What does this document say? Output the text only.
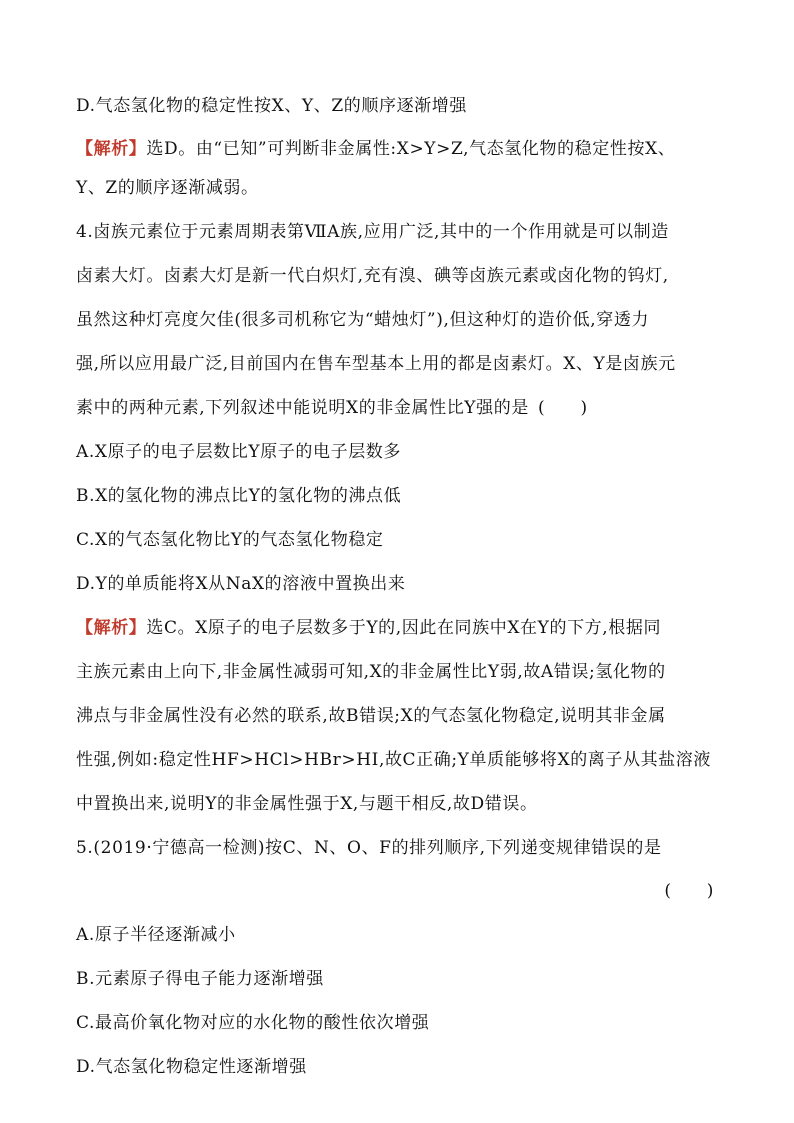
D.气态氢化物的稳定性按X、Y、Z的顺序逐渐增强
【解析】选D。由“已知”可判断非金属性:X>Y>Z,气态氢化物的稳定性按X、
Y、Z的顺序逐渐减弱。
4.卤族元素位于元素周期表第ⅦA族,应用广泛,其中的一个作用就是可以制造
卤素大灯。卤素大灯是新一代白炽灯,充有溴、碘等卤族元素或卤化物的钨灯,
虽然这种灯亮度欠佳(很多司机称它为“蜡烛灯”),但这种灯的造价低,穿透力
强,所以应用最广泛,目前国内在售车型基本上用的都是卤素灯。X、Y是卤族元
素中的两种元素,下列叙述中能说明X的非金属性比Y强的是  (　　)
A.X原子的电子层数比Y原子的电子层数多
B.X的氢化物的沸点比Y的氢化物的沸点低
C.X的气态氢化物比Y的气态氢化物稳定
D.Y的单质能将X从NaX的溶液中置换出来
【解析】选C。X原子的电子层数多于Y的,因此在同族中X在Y的下方,根据同
主族元素由上向下,非金属性减弱可知,X的非金属性比Y弱,故A错误;氢化物的
沸点与非金属性没有必然的联系,故B错误;X的气态氢化物稳定,说明其非金属
性强,例如:稳定性HF>HCl>HBr>HI,故C正确;Y单质能够将X的离子从其盐溶液
中置换出来,说明Y的非金属性强于X,与题干相反,故D错误。
5.(2019·宁德高一检测)按C、N、O、F的排列顺序,下列递变规律错误的是
(　　)
A.原子半径逐渐减小
B.元素原子得电子能力逐渐增强
C.最高价氧化物对应的水化物的酸性依次增强
D.气态氢化物稳定性逐渐增强
